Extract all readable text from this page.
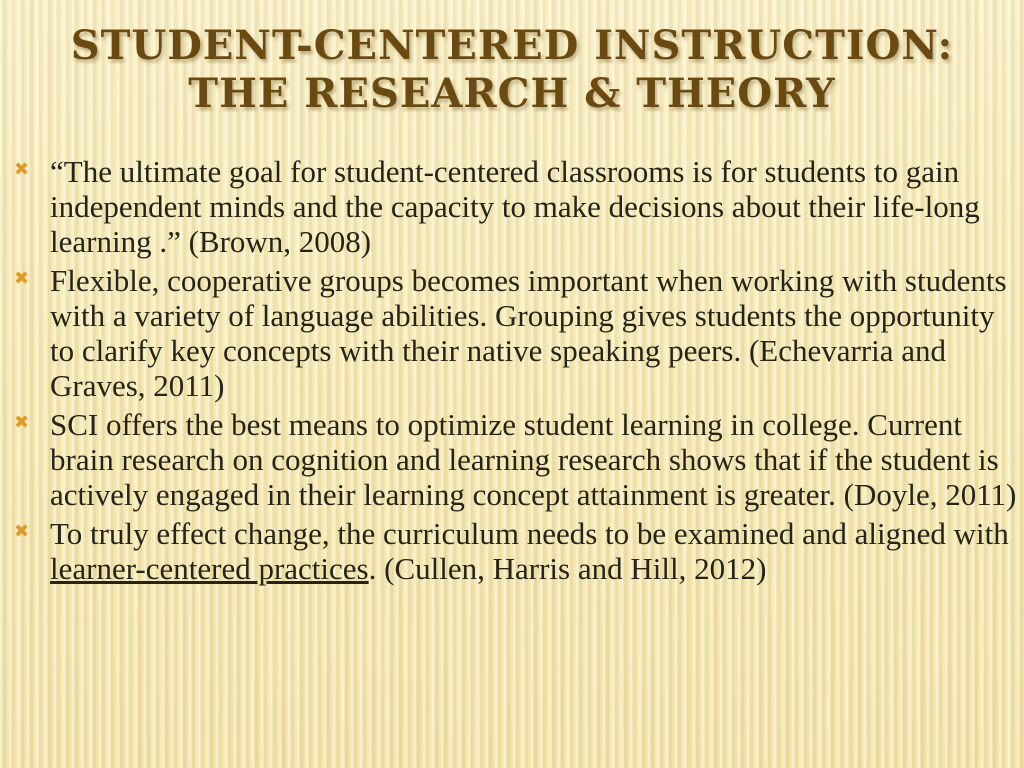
STUDENT-CENTERED INSTRUCTION:
THE RESEARCH & THEORY
✖ “The ultimate goal for student-centered classrooms is for students to gain independent minds and the capacity to make decisions about their life-long learning .” (Brown, 2008)
✖ Flexible, cooperative groups becomes important when working with students with a variety of language abilities. Grouping gives students the opportunity to clarify key concepts with their native speaking peers. (Echevarria and Graves, 2011)
✖ SCI offers the best means to optimize student learning in college. Current brain research on cognition and learning research shows that if the student is actively engaged in their learning concept attainment is greater. (Doyle, 2011)
✖ To truly effect change, the curriculum needs to be examined and aligned with learner-centered practices. (Cullen, Harris and Hill, 2012)
